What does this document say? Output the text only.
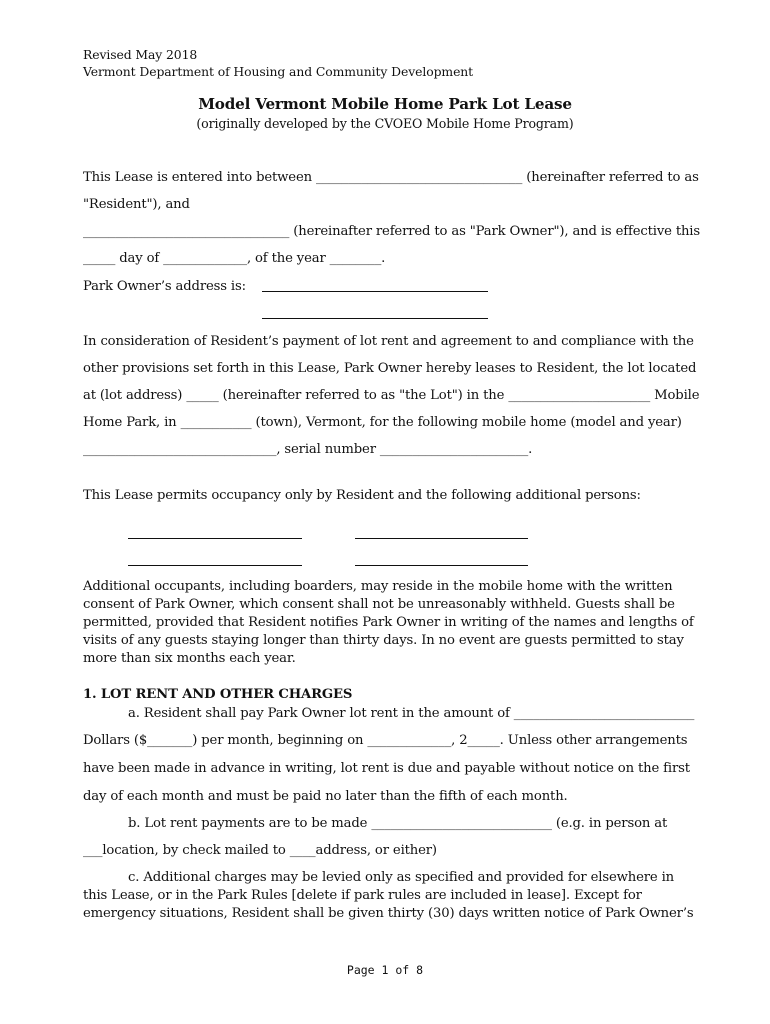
Revised May 2018
Vermont Department of Housing and Community Development
Model Vermont Mobile Home Park Lot Lease
(originally developed by the CVOEO Mobile Home Program)
This Lease is entered into between ________________________________ (hereinafter referred to as
"Resident"), and
________________________________ (hereinafter referred to as "Park Owner"), and is effective this
_____ day of _____________, of the year ________.
Park Owner’s address is:
In consideration of Resident’s payment of lot rent and agreement to and compliance with the
other provisions set forth in this Lease, Park Owner hereby leases to Resident, the lot located
at (lot address) _____ (hereinafter referred to as "the Lot") in the ______________________ Mobile
Home Park, in ___________ (town), Vermont, for the following mobile home (model and year)
______________________________, serial number _______________________.
This Lease permits occupancy only by Resident and the following additional persons:
Additional occupants, including boarders, may reside in the mobile home with the written
consent of Park Owner, which consent shall not be unreasonably withheld. Guests shall be
permitted, provided that Resident notifies Park Owner in writing of the names and lengths of
visits of any guests staying longer than thirty days. In no event are guests permitted to stay
more than six months each year.
1. LOT RENT AND OTHER CHARGES
a. Resident shall pay Park Owner lot rent in the amount of ____________________________
Dollars ($_______) per month, beginning on _____________, 2_____. Unless other arrangements
have been made in advance in writing, lot rent is due and payable without notice on the first
day of each month and must be paid no later than the fifth of each month.
b. Lot rent payments are to be made ____________________________ (e.g. in person at
___location, by check mailed to ____address, or either)
c. Additional charges may be levied only as specified and provided for elsewhere in
this Lease, or in the Park Rules [delete if park rules are included in lease]. Except for
emergency situations, Resident shall be given thirty (30) days written notice of Park Owner’s
Page 1 of 8
